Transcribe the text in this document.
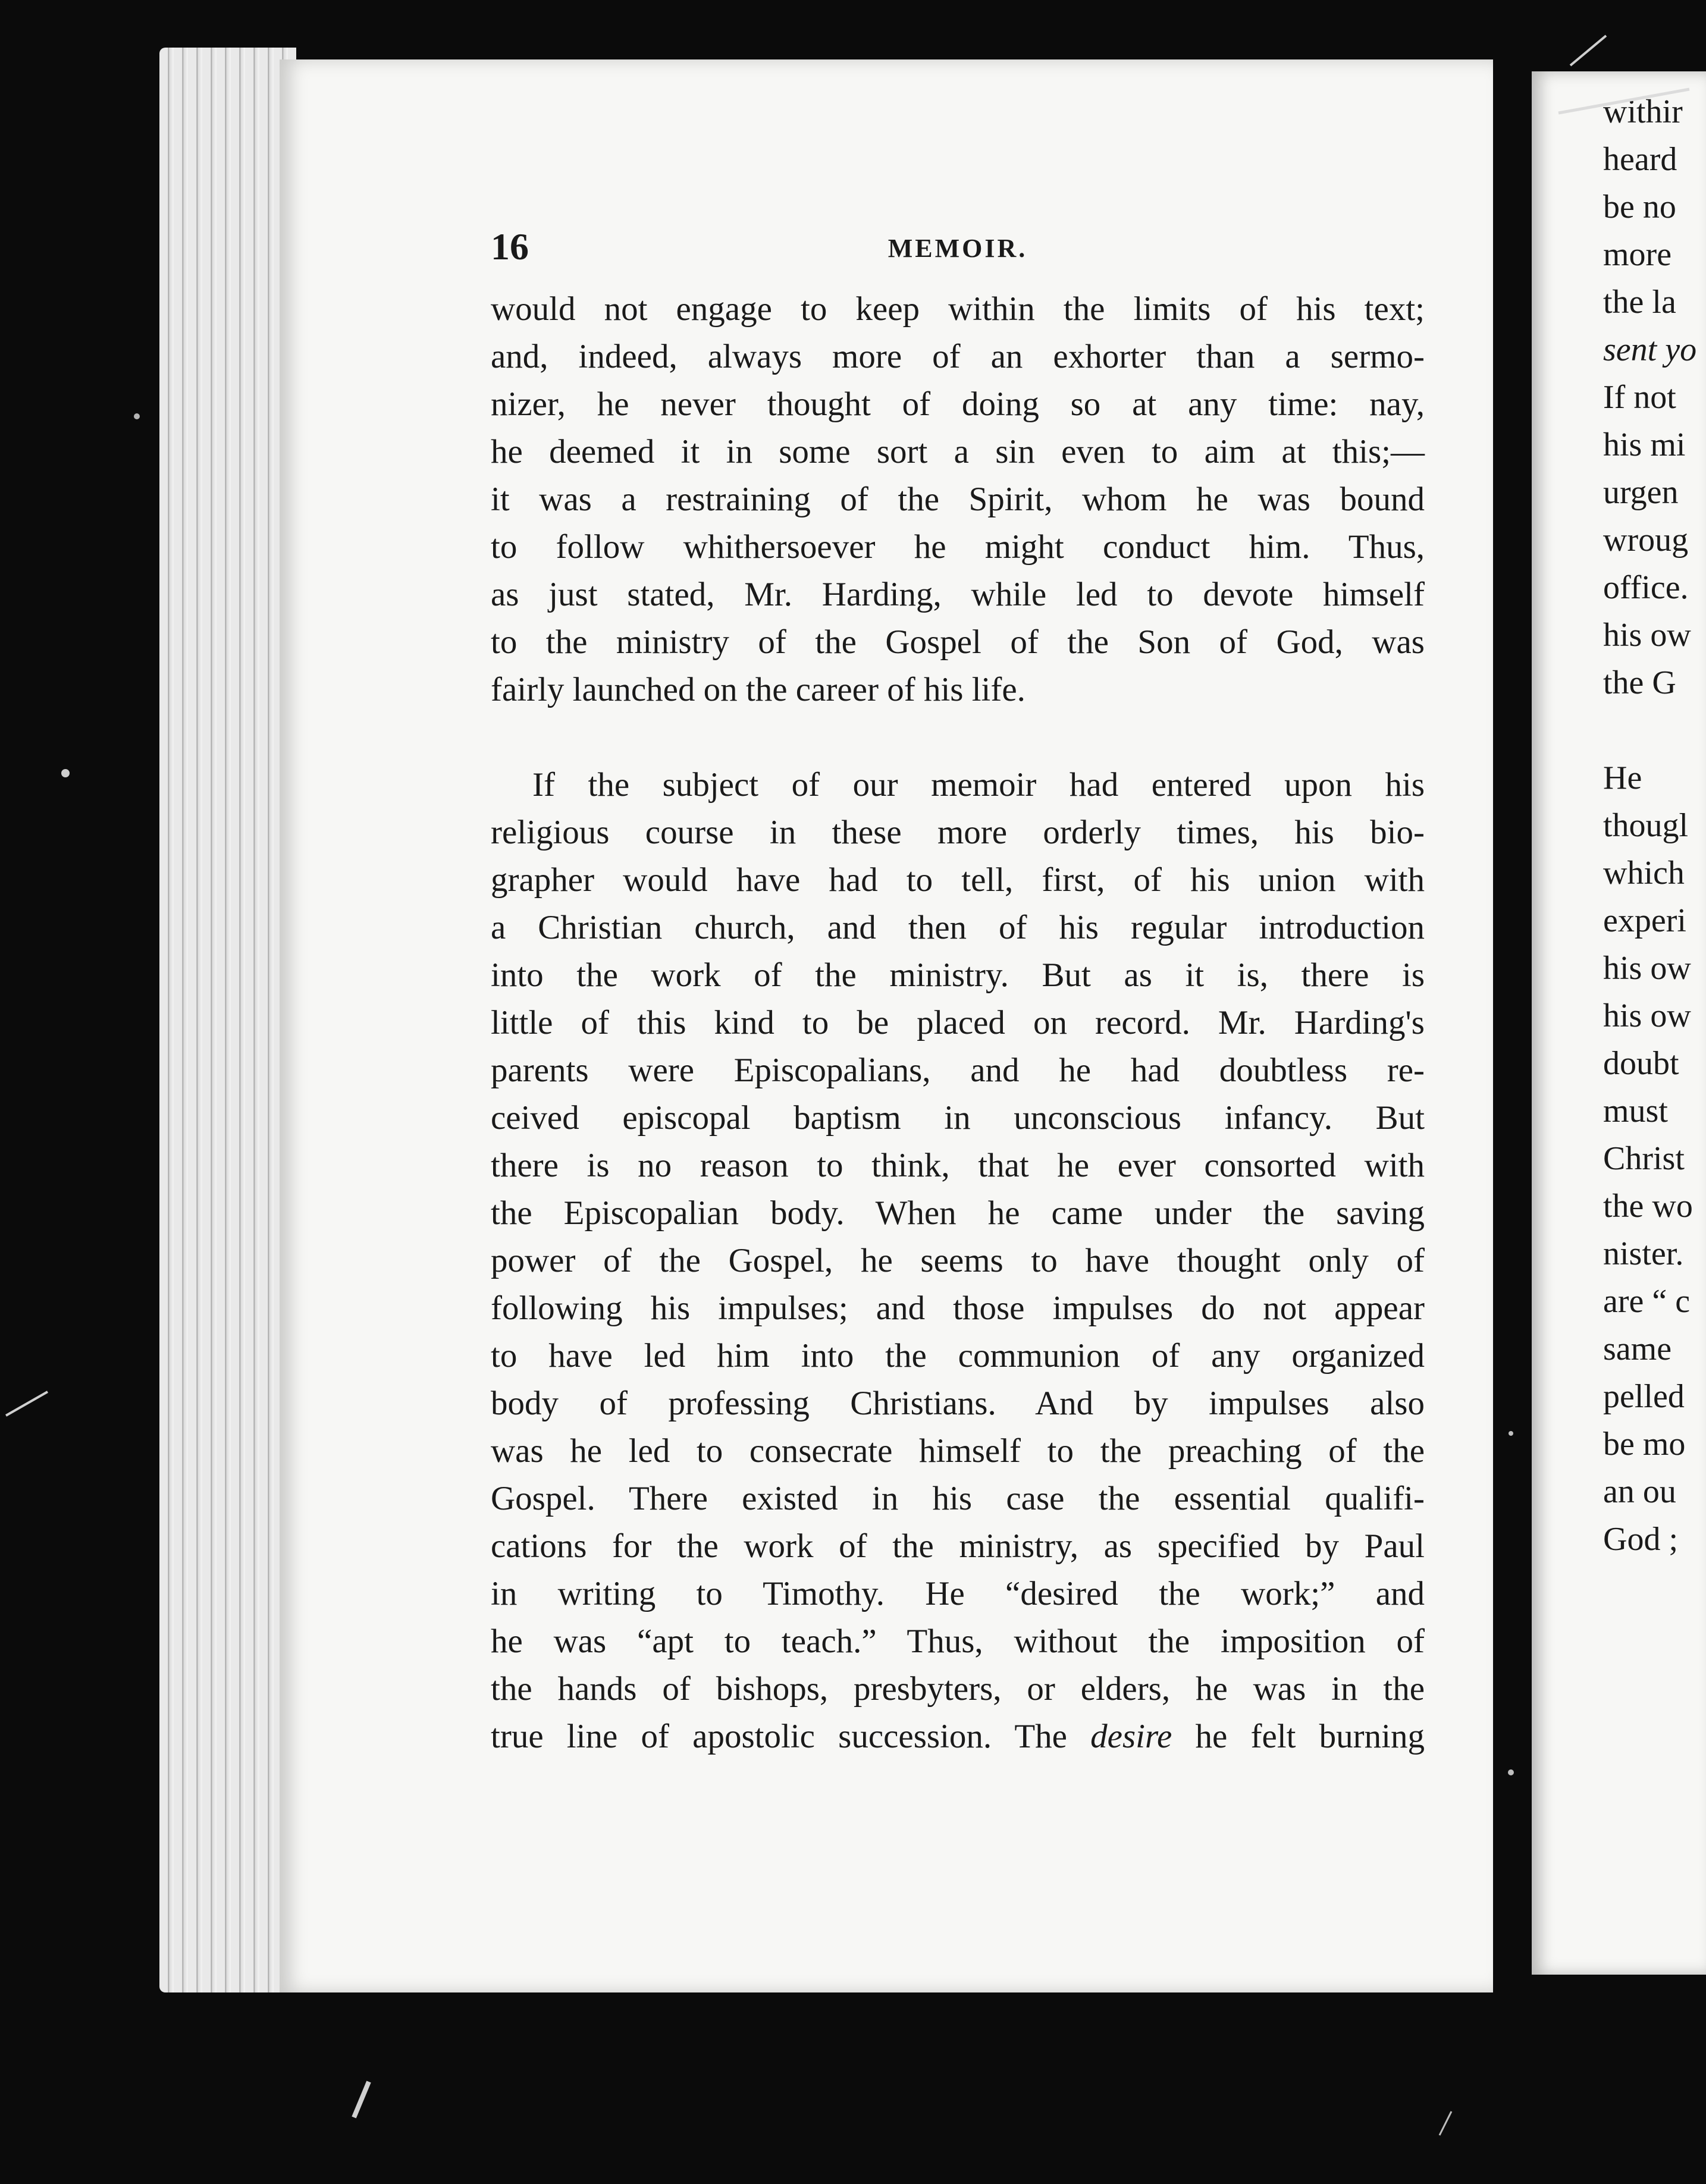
withir
heard
be no
more
the la
sent yo
If not
his mi
urgen
wroug
office.
his ow
the G
He
thougl
which
experi
his ow
his ow
doubt
must
Christ
the wo
nister.
are “ c
same
pelled
be mo
an ou
God ;
16	MEMOIR.
would not engage to keep within the limits of his text;
and, indeed, always more of an exhorter than a sermo-
nizer, he never thought of doing so at any time: nay,
he deemed it in some sort a sin even to aim at this;—
it was a restraining of the Spirit, whom he was bound
to follow whithersoever he might conduct him. Thus,
as just stated, Mr. Harding, while led to devote himself
to the ministry of the Gospel of the Son of God, was
fairly launched on the career of his life.
If the subject of our memoir had entered upon his
religious course in these more orderly times, his bio-
grapher would have had to tell, first, of his union with
a Christian church, and then of his regular introduction
into the work of the ministry. But as it is, there is
little of this kind to be placed on record. Mr. Harding's
parents were Episcopalians, and he had doubtless re-
ceived episcopal baptism in unconscious infancy. But
there is no reason to think, that he ever consorted with
the Episcopalian body. When he came under the saving
power of the Gospel, he seems to have thought only of
following his impulses; and those impulses do not appear
to have led him into the communion of any organized
body of professing Christians. And by impulses also
was he led to consecrate himself to the preaching of the
Gospel. There existed in his case the essential qualifi-
cations for the work of the ministry, as specified by Paul
in writing to Timothy. He “desired the work;” and
he was “apt to teach.” Thus, without the imposition of
the hands of bishops, presbyters, or elders, he was in the
true line of apostolic succession. The desire he felt burning
